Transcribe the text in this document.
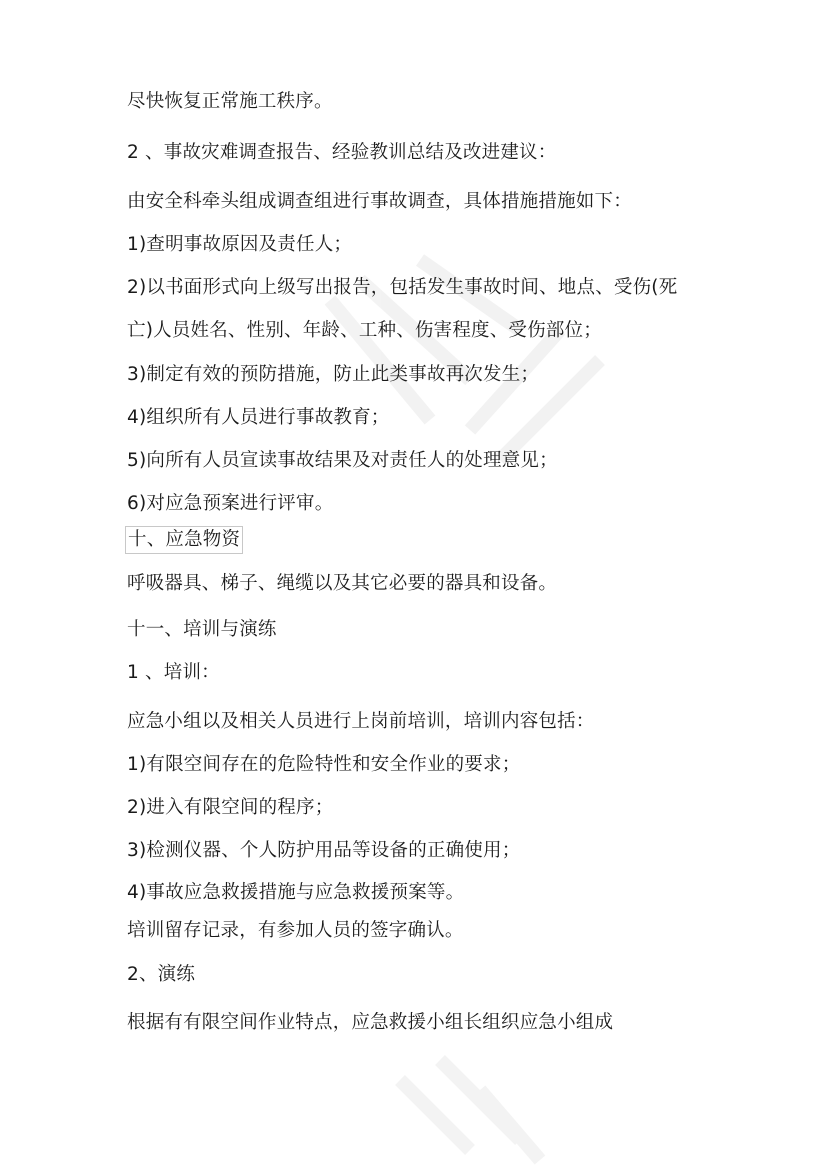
尽快恢复正常施工秩序。
2 、事故灾难调查报告、经验教训总结及改进建议：
由安全科牵头组成调查组进行事故调查，具体措施措施如下：
1)查明事故原因及责任人；
2)以书面形式向上级写出报告，包括发生事故时间、地点、受伤(死
亡)人员姓名、性别、年龄、工种、伤害程度、受伤部位；
3)制定有效的预防措施，防止此类事故再次发生；
4)组织所有人员进行事故教育；
5)向所有人员宣读事故结果及对责任人的处理意见；
6)对应急预案进行评审。
十、应急物资
呼吸器具、梯子、绳缆以及其它必要的器具和设备。
十一、培训与演练
1 、培训：
应急小组以及相关人员进行上岗前培训，培训内容包括：
1)有限空间存在的危险特性和安全作业的要求；
2)进入有限空间的程序；
3)检测仪器、个人防护用品等设备的正确使用；
4)事故应急救援措施与应急救援预案等。
培训留存记录，有参加人员的签字确认。
2、演练
根据有有限空间作业特点，应急救援小组长组织应急小组成
